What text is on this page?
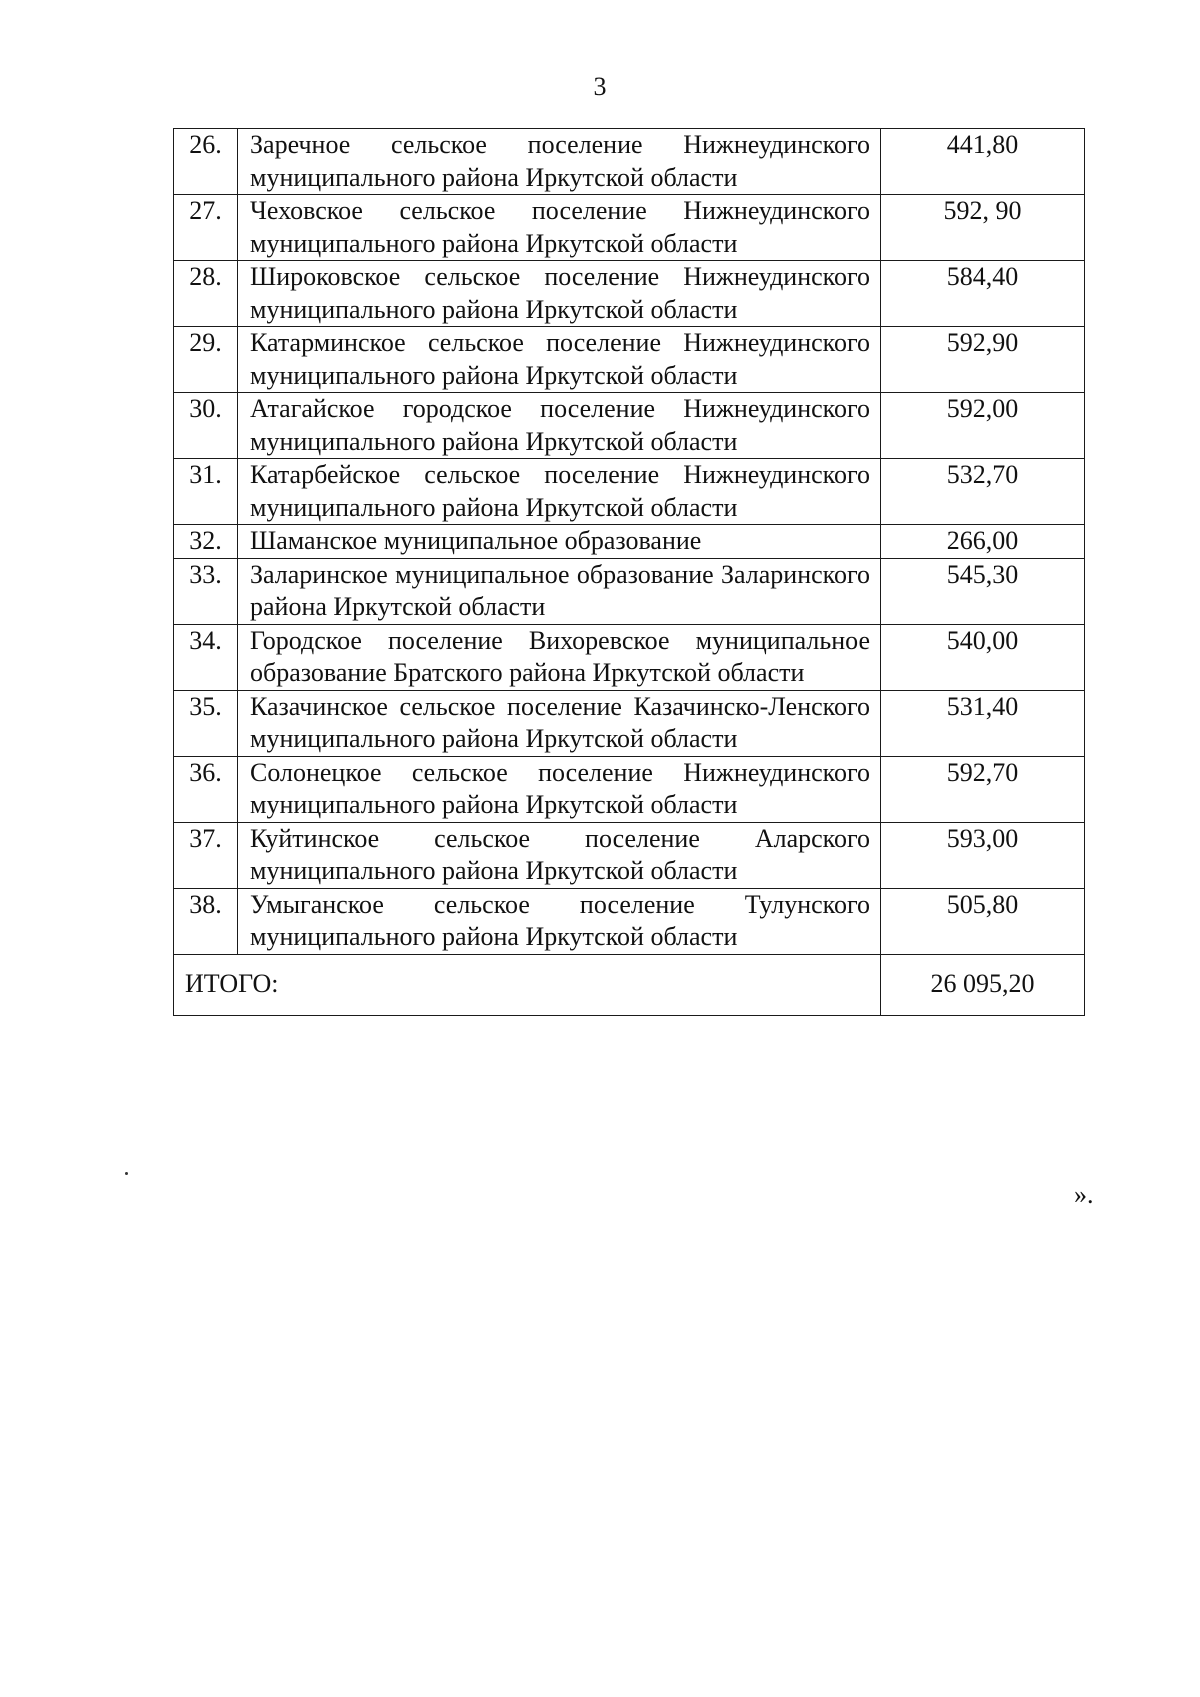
3
26.	Заречное сельское поселение Нижнеудинского муниципального района Иркутской области	441,80
27.	Чеховское сельское поселение Нижнеудинского муниципального района Иркутской области	592, 90
28.	Широковское сельское поселение Нижнеудинского муниципального района Иркутской области	584,40
29.	Катарминское сельское поселение Нижнеудинского муниципального района Иркутской области	592,90
30.	Атагайское городское поселение Нижнеудинского муниципального района Иркутской области	592,00
31.	Катарбейское сельское поселение Нижнеудинского муниципального района Иркутской области	532,70
32.	Шаманское муниципальное образование	266,00
33.	Заларинское муниципальное образование Заларинского района Иркутской области	545,30
34.	Городское поселение Вихоревское муниципальное образование Братского района Иркутской области	540,00
35.	Казачинское сельское поселение Казачинско-Ленского муниципального района Иркутской области	531,40
36.	Солонецкое сельское поселение Нижнеудинского муниципального района Иркутской области	592,70
37.	Куйтинское сельское поселение Аларского муниципального района Иркутской области	593,00
38.	Умыганское сельское поселение Тулунского муниципального района Иркутской области	505,80
ИТОГО:		26 095,20
».
